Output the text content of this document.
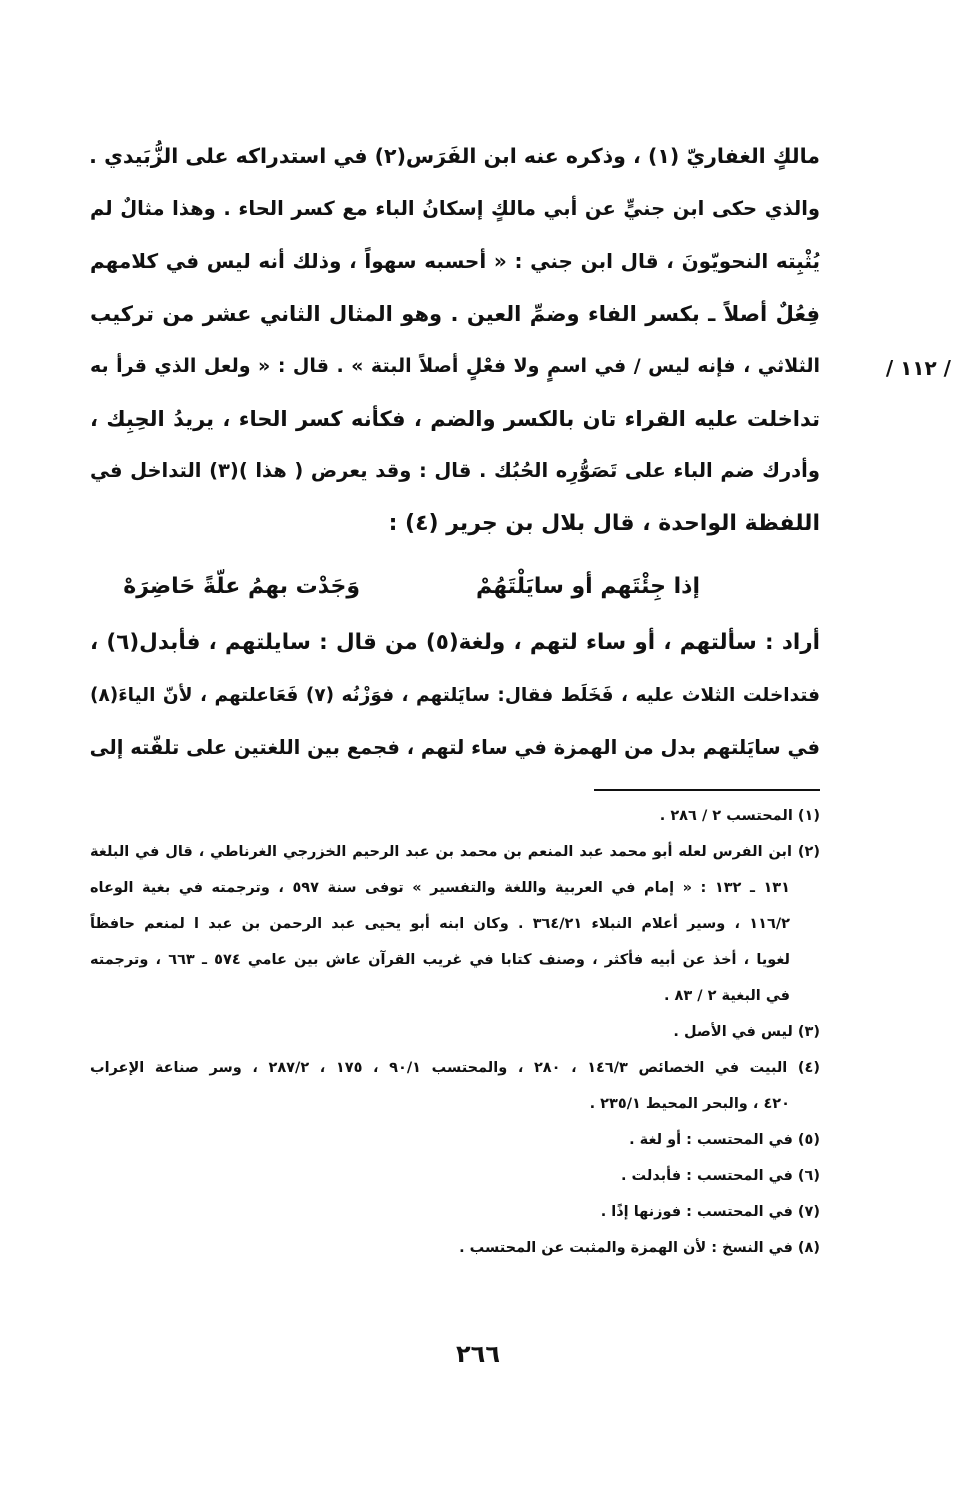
مالكٍ الغفاريّ (١) ، وذكره عنه ابن الفَرَس(٢) في استدراكه على الزُّبَيدي .
والذي حكى ابن جنيٍّ عن أبي مالكٍ إسكانُ الباء مع كسر الحاء . وهذا مثالٌ لم
يُثْبِته النحويّونَ ، قال ابن جني : « أحسبه سهواً ، وذلك أنه ليس في كلامهم
فِعُلٌ أصلاً ـ بكسر الفاء وضمِّ العين . وهو المثال الثاني عشر من تركيب
الثلاثي ، فإنه ليس / في اسمٍ ولا فعْلٍ أصلاً البتة » . قال : « ولعل الذي قرأ به
تداخلت عليه القراء تان بالكسر والضم ، فكأنه كسر الحاء ، يريدُ الحِبِك ،
وأدرك ضم الباء على تَصَوُّرِه الحُبُك . قال : وقد يعرض ( هذا )(٣) التداخل في
اللفظة الواحدة ، قال بلال بن جرير (٤) :
/ ١١٢ /
إذا جِئْتَهم أو سايَلْتَهُمْ
وَجَدْت بهمُ علّةً حَاضِرَهْ
أراد : سألتهم ، أو ساء لتهم ، ولغة(٥) من قال : سايلتهم ، فأبدل(٦) ،
فتداخلت الثلاث عليه ، فَخَلَط فقال: سايَلتهم ، فوَزْنُه (٧) فَعَاعلتهم ، لأنّ الياءَ(٨)
في سايَلتهم بدل من الهمزة في ساء لتهم ، فجمع بين اللغتين على تلفّته إلى
(١) المحتسب ٢ / ٢٨٦ .
(٢) ابن الفرس لعله أبو محمد عبد المنعم بن محمد بن عبد الرحيم الخزرجي الغرناطي ، قال في البلغة
١٣١ ـ ١٣٢ : « إمام في العربية واللغة والتفسير » توفى سنة ٥٩٧ ، وترجمته في بغية الوعاه
١١٦/٢ ، وسير أعلام النبلاء ٣٦٤/٢١ . وكان ابنه أبو يحيى عبد الرحمن بن عبد ا لمنعم حافظاً
لغويا ، أخذ عن أبيه فأكثر ، وصنف كتابا في غريب القرآن عاش بين عامي ٥٧٤ ـ ٦٦٣ ، وترجمته
في البغية ٢ / ٨٣ .
(٣) ليس في الأصل .
(٤) البيت في الخصائص ١٤٦/٣ ، ٢٨٠ ، والمحتسب ٩٠/١ ، ١٧٥ ، ٢٨٧/٢ ، وسر صناعة الإعراب
٤٢٠ ، والبحر المحيط ٢٣٥/١ .
(٥) في المحتسب : أو لغة .
(٦) في المحتسب : فأبدلت .
(٧) في المحتسب : فوزنها إذًا .
(٨) في النسخ : لأن الهمزة والمثبت عن المحتسب .
٢٦٦
